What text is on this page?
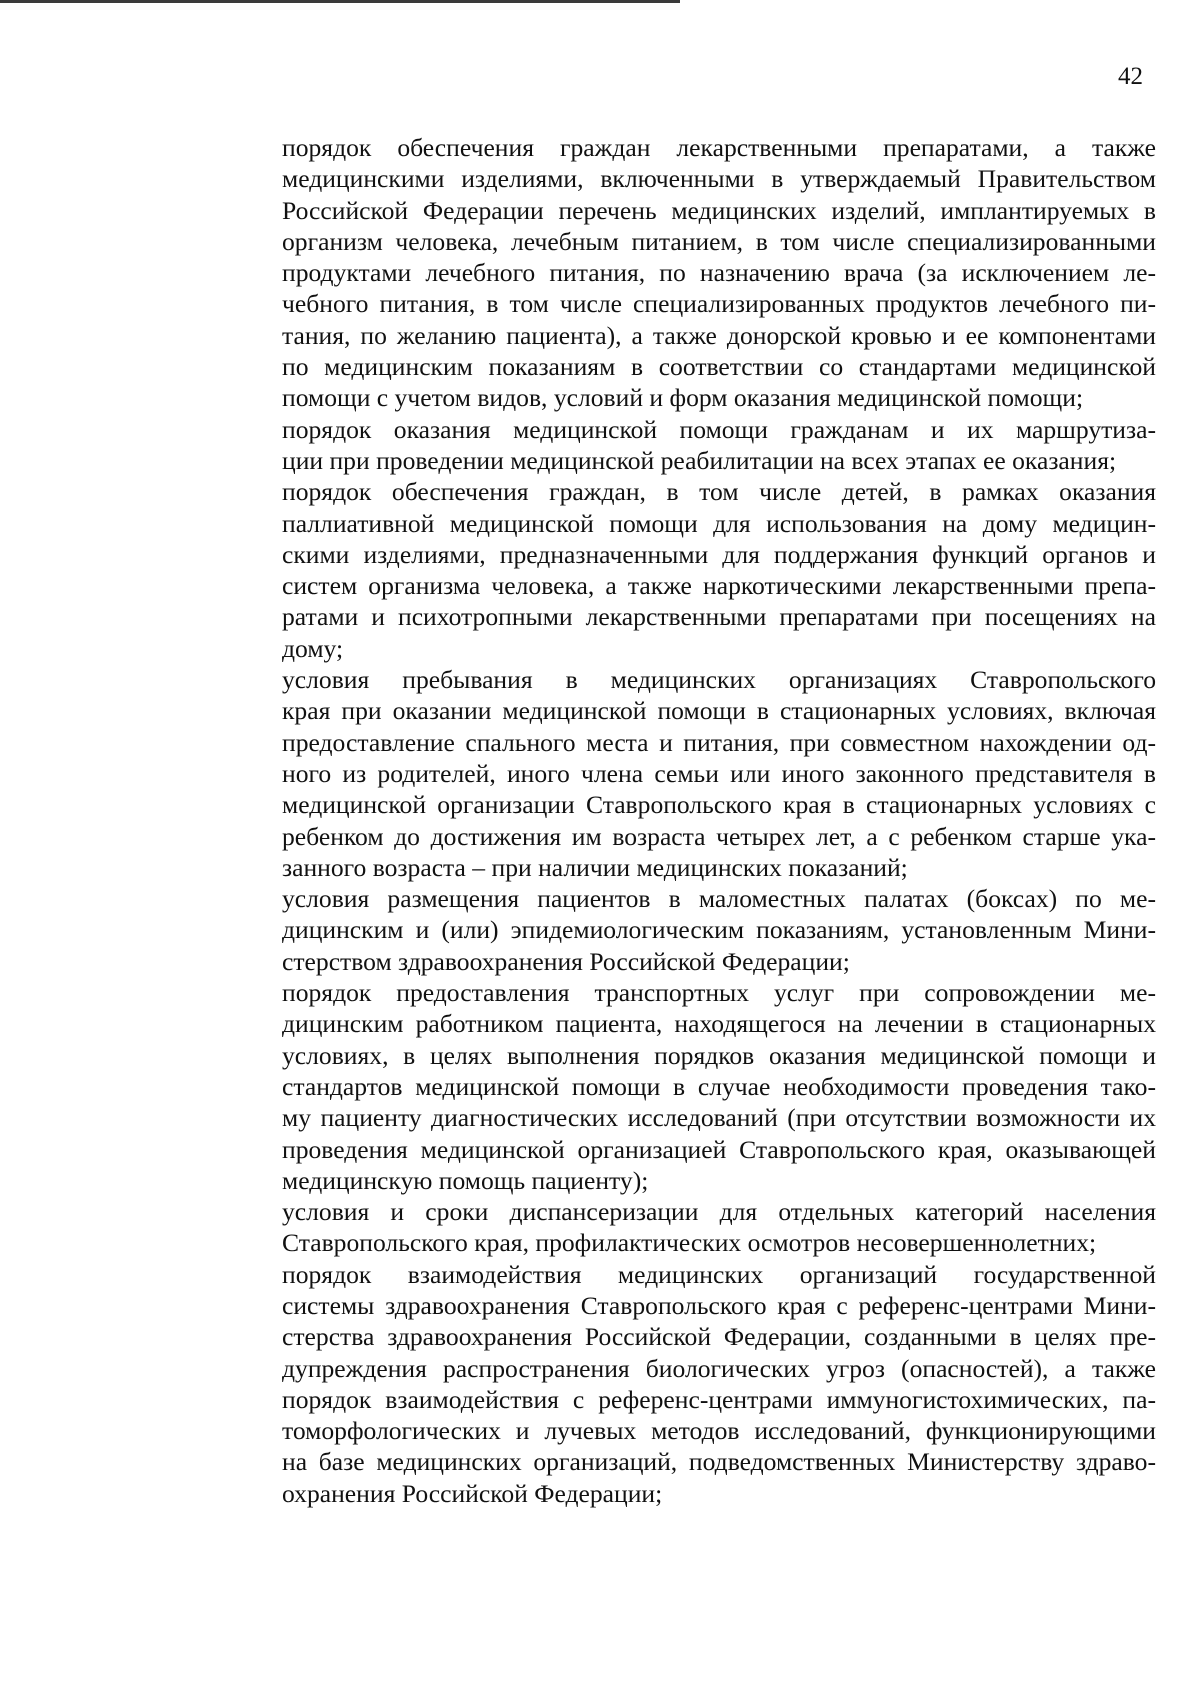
42

порядок обеспечения граждан лекарственными препаратами, а также
медицинскими изделиями, включенными в утверждаемый Правительством
Российской Федерации перечень медицинских изделий, имплантируемых в
организм человека, лечебным питанием, в том числе специализированными
продуктами лечебного питания, по назначению врача (за исключением ле-
чебного питания, в том числе специализированных продуктов лечебного пи-
тания, по желанию пациента), а также донорской кровью и ее компонентами
по медицинским показаниям в соответствии со стандартами медицинской
помощи с учетом видов, условий и форм оказания медицинской помощи;

порядок оказания медицинской помощи гражданам и их маршрутиза-
ции при проведении медицинской реабилитации на всех этапах ее оказания;

порядок обеспечения граждан, в том числе детей, в рамках оказания
паллиативной медицинской помощи для использования на дому медицин-
скими изделиями, предназначенными для поддержания функций органов и
систем организма человека, а также наркотическими лекарственными препа-
ратами и психотропными лекарственными препаратами при посещениях на
дому;

условия пребывания в медицинских организациях Ставропольского
края при оказании медицинской помощи в стационарных условиях, включая
предоставление спального места и питания, при совместном нахождении од-
ного из родителей, иного члена семьи или иного законного представителя в
медицинской организации Ставропольского края в стационарных условиях с
ребенком до достижения им возраста четырех лет, а с ребенком старше ука-
занного возраста – при наличии медицинских показаний;

условия размещения пациентов в маломестных палатах (боксах) по ме-
дицинским и (или) эпидемиологическим показаниям, установленным Мини-
стерством здравоохранения Российской Федерации;

порядок предоставления транспортных услуг при сопровождении ме-
дицинским работником пациента, находящегося на лечении в стационарных
условиях, в целях выполнения порядков оказания медицинской помощи и
стандартов медицинской помощи в случае необходимости проведения тако-
му пациенту диагностических исследований (при отсутствии возможности их
проведения медицинской организацией Ставропольского края, оказывающей
медицинскую помощь пациенту);

условия и сроки диспансеризации для отдельных категорий населения
Ставропольского края, профилактических осмотров несовершеннолетних;

порядок взаимодействия медицинских организаций государственной
системы здравоохранения Ставропольского края с референс-центрами Мини-
стерства здравоохранения Российской Федерации, созданными в целях пре-
дупреждения распространения биологических угроз (опасностей), а также
порядок взаимодействия с референс-центрами иммуногистохимических, па-
томорфологических и лучевых методов исследований, функционирующими
на базе медицинских организаций, подведомственных Министерству здраво-
охранения Российской Федерации;
